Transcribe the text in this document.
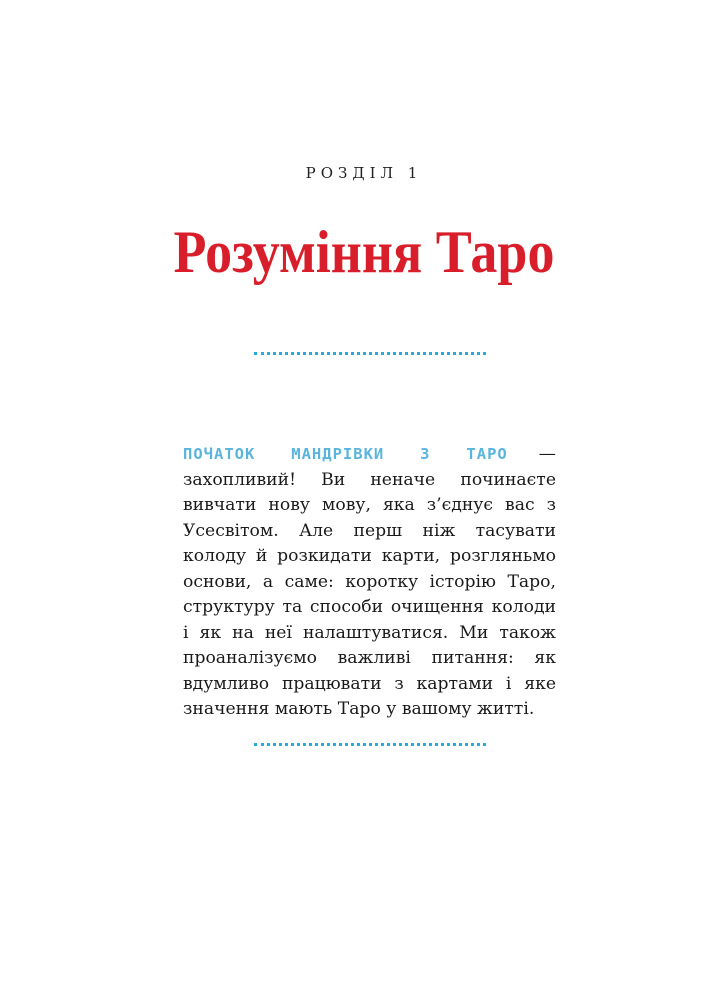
РОЗДІЛ 1
Розуміння Таро

ПОЧАТОК МАНДРІВКИ З ТАРО — захопливий! Ви неначе починаєте вивчати нову мову, яка з’єднує вас з Усесвітом. Але перш ніж тасувати колоду й розкидати карти, розгляньмо основи, а саме: коротку історію Таро, структуру та способи очищення колоди і як на неї налаштуватися. Ми також проаналізуємо важливі питання: як вдумливо працювати з картами і яке значення мають Таро у вашому житті.
